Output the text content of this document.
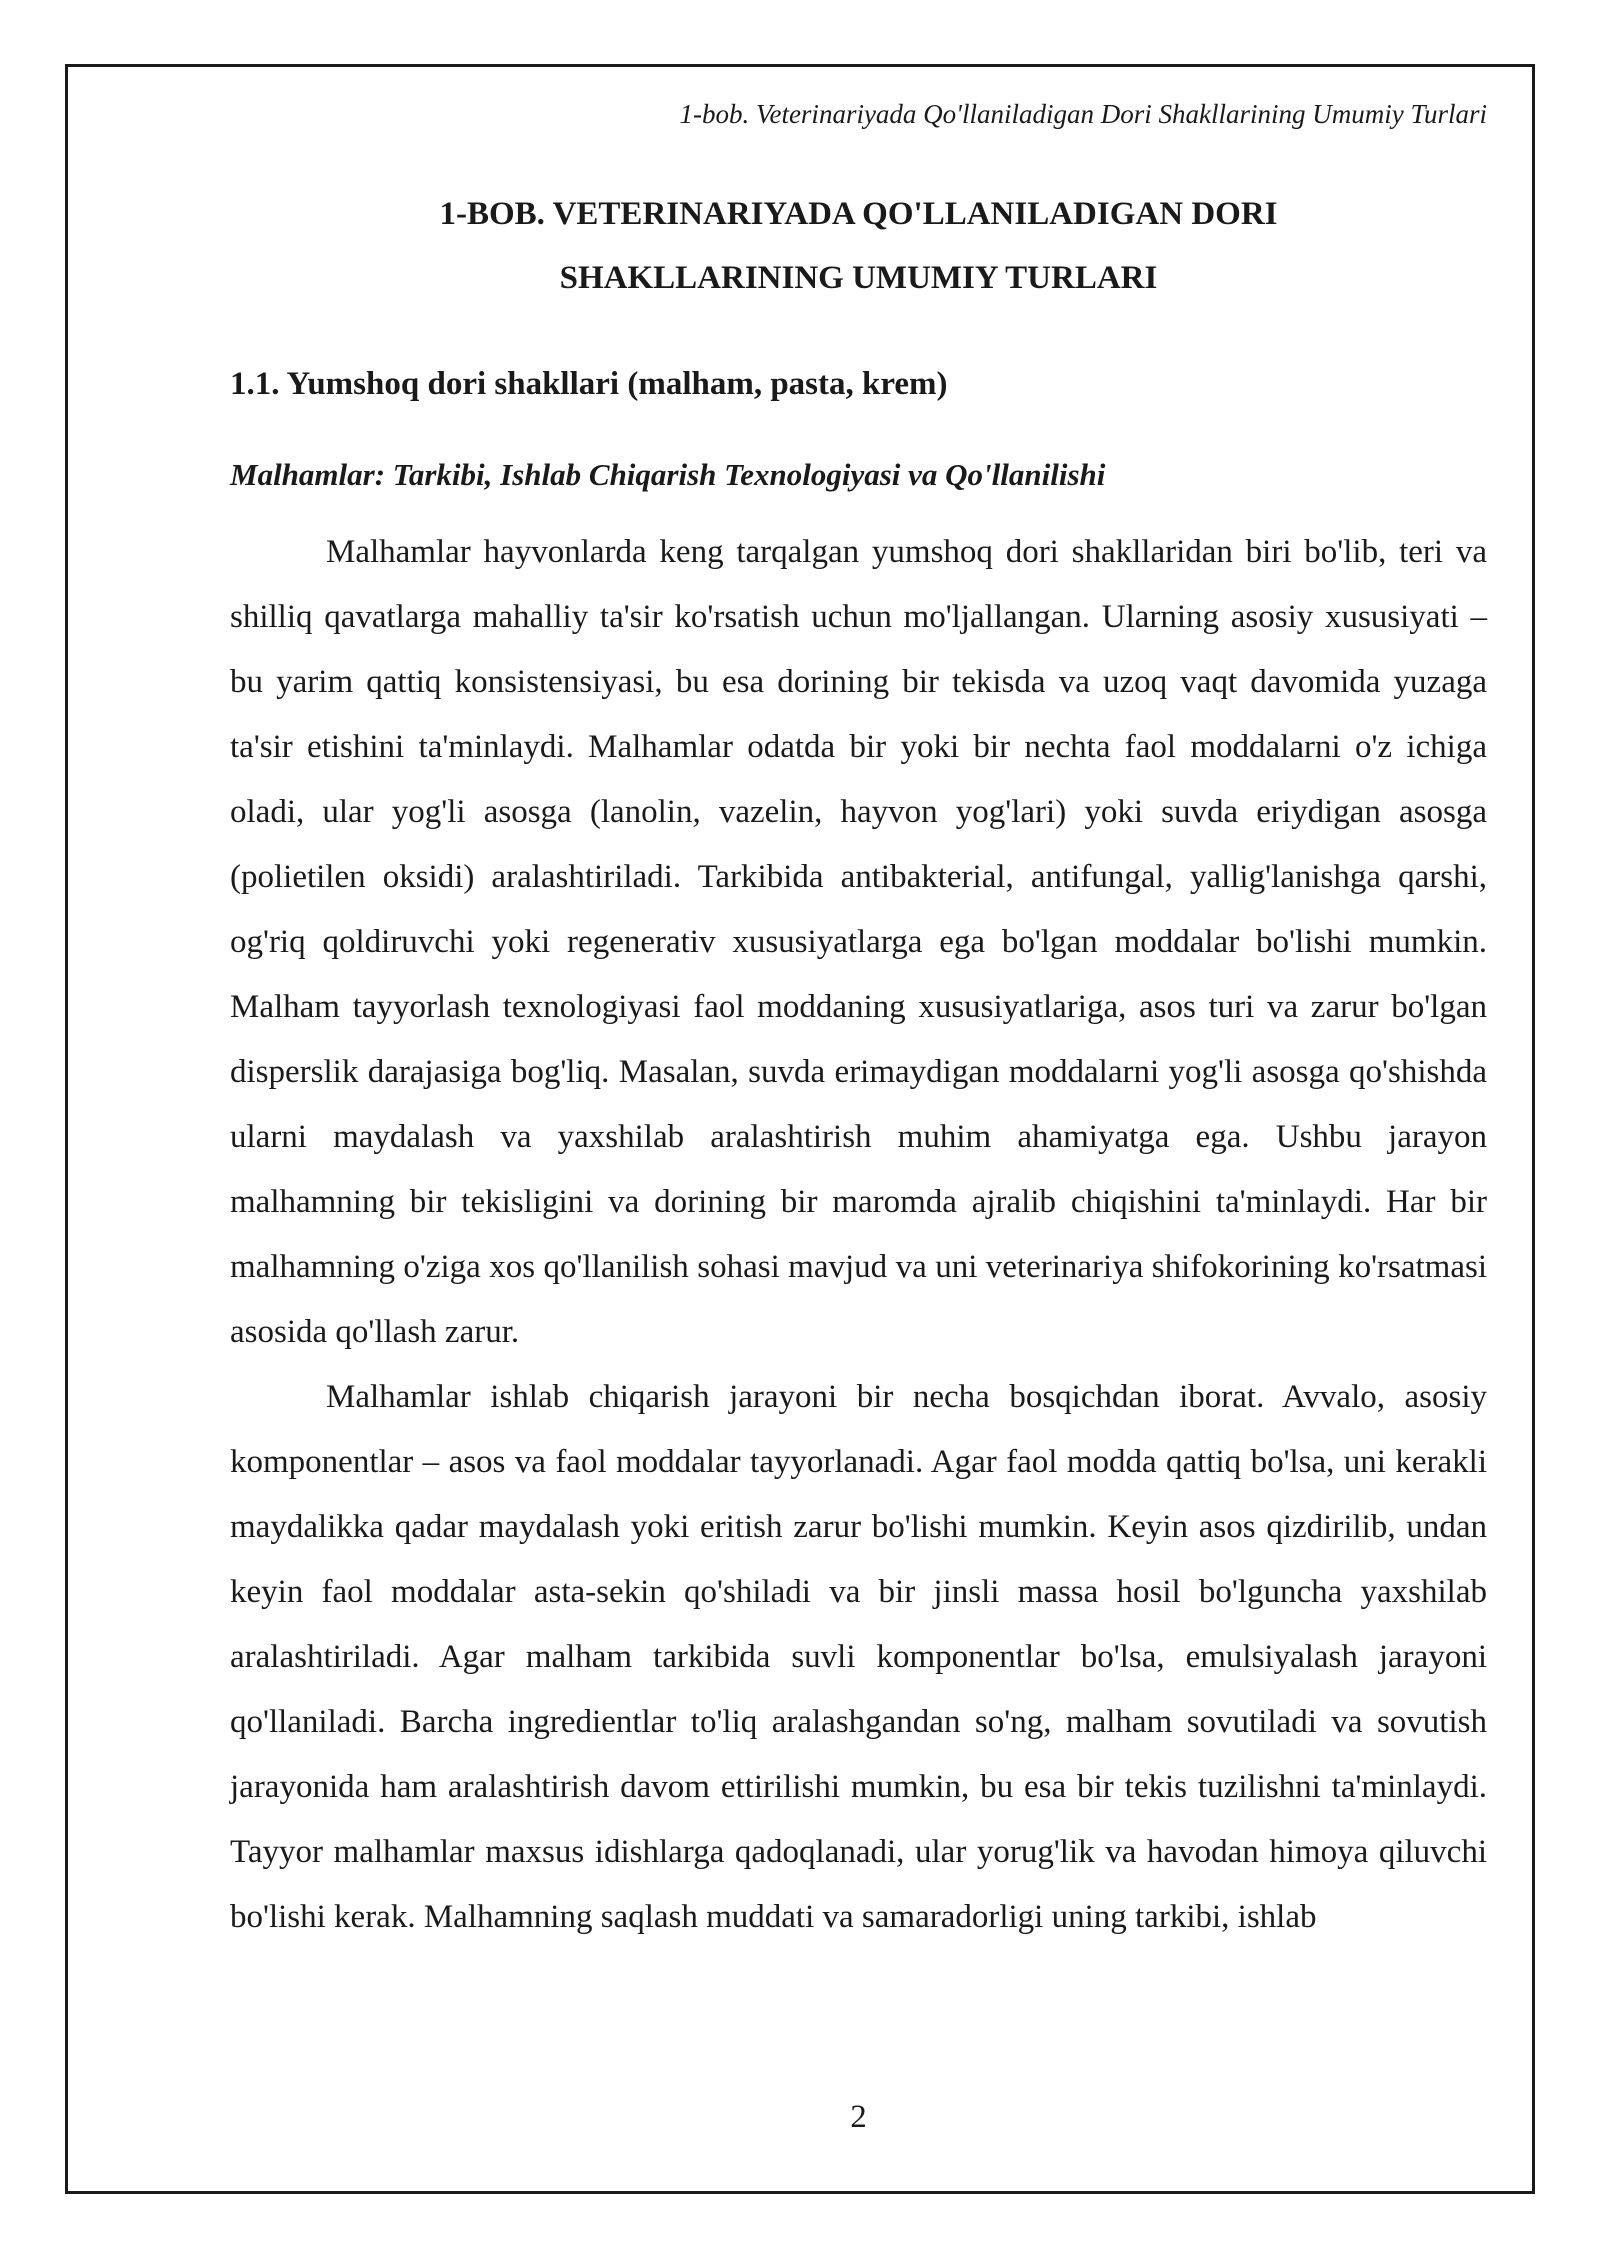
1-bob. Veterinariyada Qo'llaniladigan Dori Shakllarining Umumiy Turlari
1-BOB. VETERINARIYADA QO'LLANILADIGAN DORI
SHAKLLARINING UMUMIY TURLARI
1.1. Yumshoq dori shakllari (malham, pasta, krem)
Malhamlar: Tarkibi, Ishlab Chiqarish Texnologiyasi va Qo'llanilishi

Malhamlar hayvonlarda keng tarqalgan yumshoq dori shakllaridan biri bo'lib, teri va shilliq qavatlarga mahalliy ta'sir ko'rsatish uchun mo'ljallangan. Ularning asosiy xususiyati – bu yarim qattiq konsistensiyasi, bu esa dorining bir tekisda va uzoq vaqt davomida yuzaga ta'sir etishini ta'minlaydi. Malhamlar odatda bir yoki bir nechta faol moddalarni o'z ichiga oladi, ular yog'li asosga (lanolin, vazelin, hayvon yog'lari) yoki suvda eriydigan asosga (polietilen oksidi) aralashtiriladi. Tarkibida antibakterial, antifungal, yallig'lanishga qarshi, og'riq qoldiruvchi yoki regenerativ xususiyatlarga ega bo'lgan moddalar bo'lishi mumkin. Malham tayyorlash texnologiyasi faol moddaning xususiyatlariga, asos turi va zarur bo'lgan disperslik darajasiga bog'liq. Masalan, suvda erimaydigan moddalarni yog'li asosga qo'shishda ularni maydalash va yaxshilab aralashtirish muhim ahamiyatga ega. Ushbu jarayon malhamning bir tekisligini va dorining bir maromda ajralib chiqishini ta'minlaydi. Har bir malhamning o'ziga xos qo'llanilish sohasi mavjud va uni veterinariya shifokorining ko'rsatmasi asosida qo'llash zarur.

Malhamlar ishlab chiqarish jarayoni bir necha bosqichdan iborat. Avvalo, asosiy komponentlar – asos va faol moddalar tayyorlanadi. Agar faol modda qattiq bo'lsa, uni kerakli maydalikka qadar maydalash yoki eritish zarur bo'lishi mumkin. Keyin asos qizdirilib, undan keyin faol moddalar asta-sekin qo'shiladi va bir jinsli massa hosil bo'lguncha yaxshilab aralashtiriladi. Agar malham tarkibida suvli komponentlar bo'lsa, emulsiyalash jarayoni qo'llaniladi. Barcha ingredientlar to'liq aralashgandan so'ng, malham sovutiladi va sovutish jarayonida ham aralashtirish davom ettirilishi mumkin, bu esa bir tekis tuzilishni ta'minlaydi. Tayyor malhamlar maxsus idishlarga qadoqlanadi, ular yorug'lik va havodan himoya qiluvchi bo'lishi kerak. Malhamning saqlash muddati va samaradorligi uning tarkibi, ishlab

2
